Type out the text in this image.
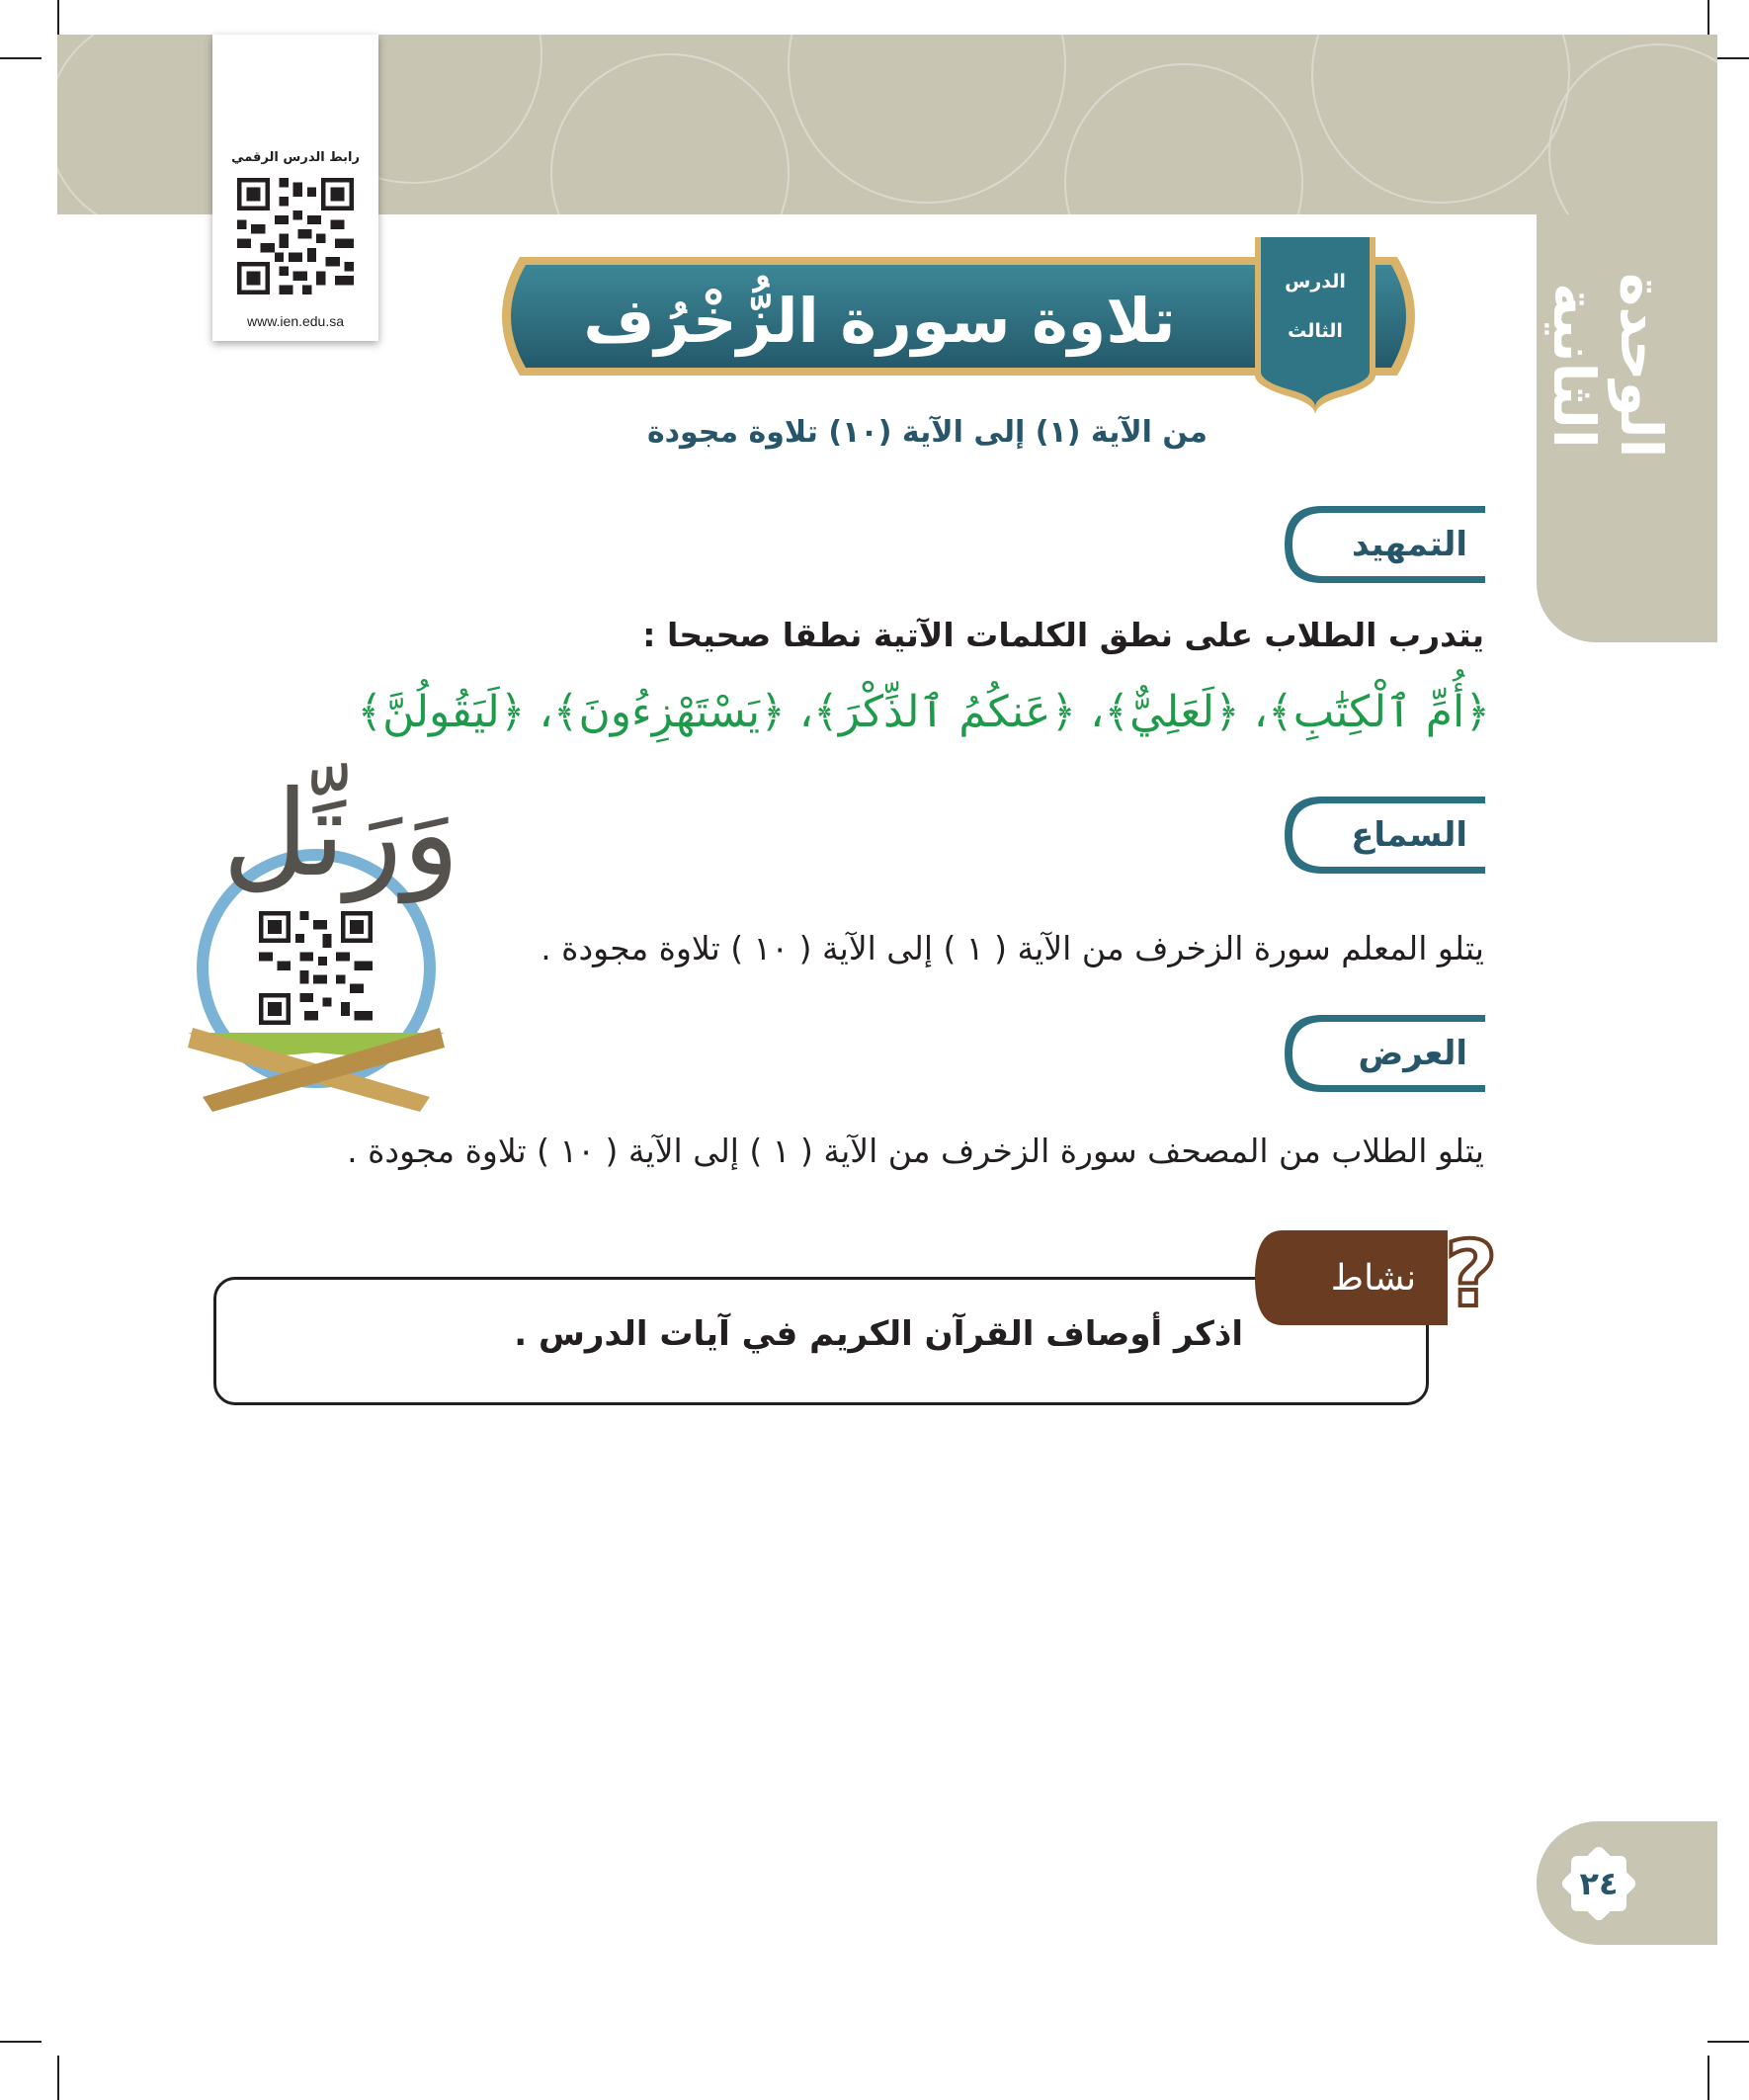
الوحدة الثانية
رابط الدرس الرقمي
www.ien.edu.sa	تلاوة سورة الزُّخْرُف
الدرس
الثالث
من الآية (١) إلى الآية (١٠) تلاوة مجودة
التمهيد
يتدرب الطلاب على نطق الكلمات الآتية نطقا صحيحا :
﴿أُمِّ ٱلْكِتَٰبِ﴾، ﴿لَعَلِيٌّ﴾، ﴿عَنكُمُ ٱلذِّكْرَ﴾، ﴿يَسْتَهْزِءُونَ﴾، ﴿لَيَقُولُنَّ﴾
السماع
يتلو المعلم سورة الزخرف من الآية ( ١ ) إلى الآية ( ١٠ ) تلاوة مجودة .
وَرَتِّل
العرض
يتلو الطلاب من المصحف سورة الزخرف من الآية ( ١ ) إلى الآية ( ١٠ ) تلاوة مجودة .
نشاط ?
اذكر أوصاف القرآن الكريم في آيات الدرس .
٢٤
